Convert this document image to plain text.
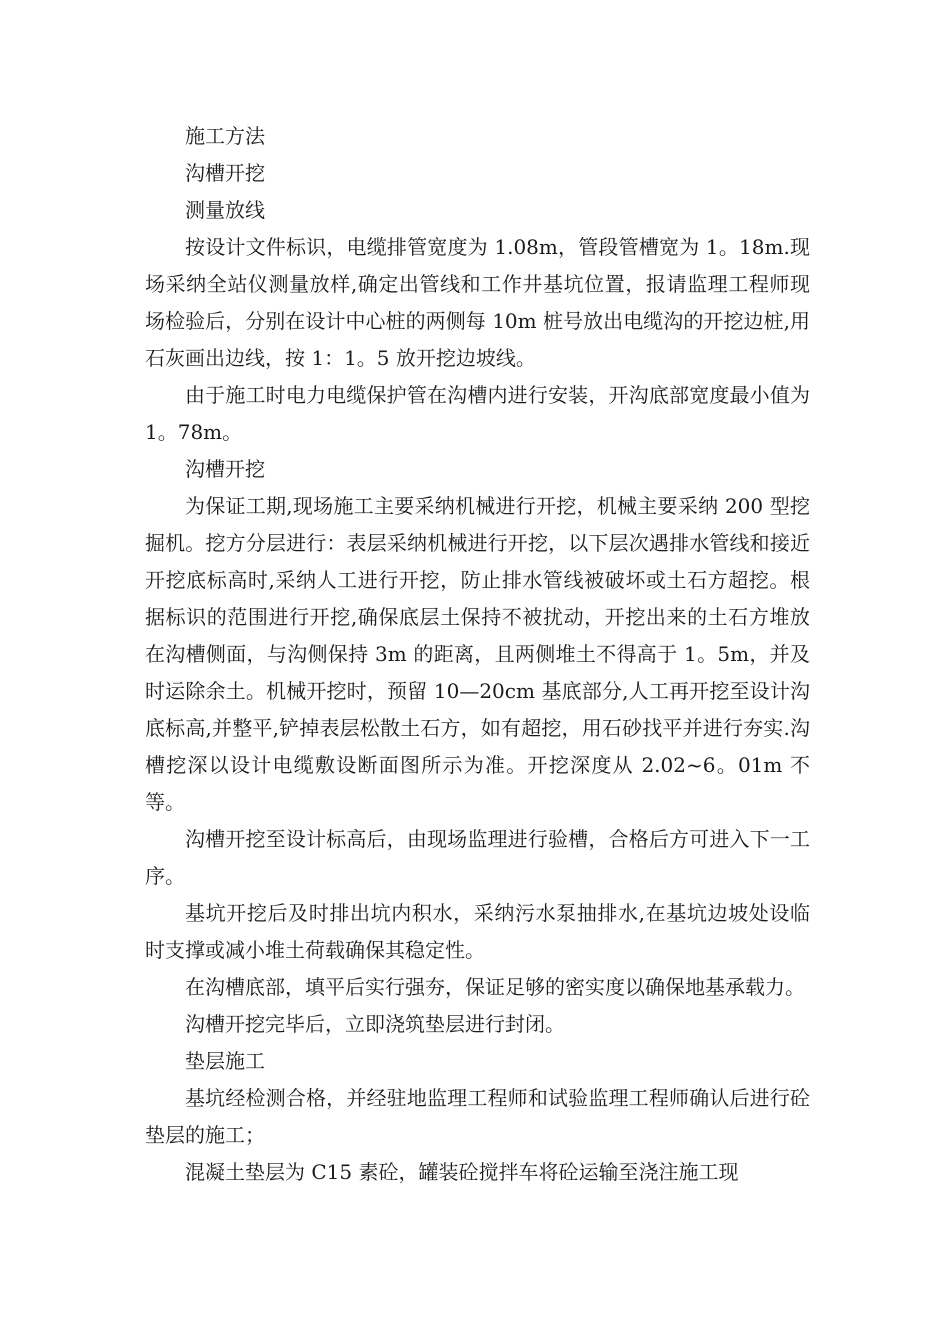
施工方法

沟槽开挖

测量放线

按设计文件标识，电缆排管宽度为 1.08m，管段管槽宽为 1。18m.现场采纳全站仪测量放样,确定出管线和工作井基坑位置，报请监理工程师现场检验后，分别在设计中心桩的两侧每 10m 桩号放出电缆沟的开挖边桩,用石灰画出边线，按 1：1。5 放开挖边坡线。

由于施工时电力电缆保护管在沟槽内进行安装，开沟底部宽度最小值为 1。78m。

沟槽开挖

为保证工期,现场施工主要采纳机械进行开挖，机械主要采纳 200 型挖掘机。挖方分层进行：表层采纳机械进行开挖，以下层次遇排水管线和接近开挖底标高时,采纳人工进行开挖，防止排水管线被破坏或土石方超挖。根据标识的范围进行开挖,确保底层土保持不被扰动，开挖出来的土石方堆放在沟槽侧面，与沟侧保持 3m 的距离，且两侧堆土不得高于 1。5m，并及时运除余土。机械开挖时，预留 10—20cm 基底部分,人工再开挖至设计沟底标高,并整平,铲掉表层松散土石方，如有超挖，用石砂找平并进行夯实.沟槽挖深以设计电缆敷设断面图所示为准。开挖深度从 2.02~6。01m 不等。

沟槽开挖至设计标高后，由现场监理进行验槽，合格后方可进入下一工序。

基坑开挖后及时排出坑内积水，采纳污水泵抽排水,在基坑边坡处设临时支撑或减小堆土荷载确保其稳定性。

在沟槽底部，填平后实行强夯，保证足够的密实度以确保地基承载力。

沟槽开挖完毕后，立即浇筑垫层进行封闭。

垫层施工

基坑经检测合格，并经驻地监理工程师和试验监理工程师确认后进行砼垫层的施工；

混凝土垫层为 C15 素砼，罐装砼搅拌车将砼运输至浇注施工现
